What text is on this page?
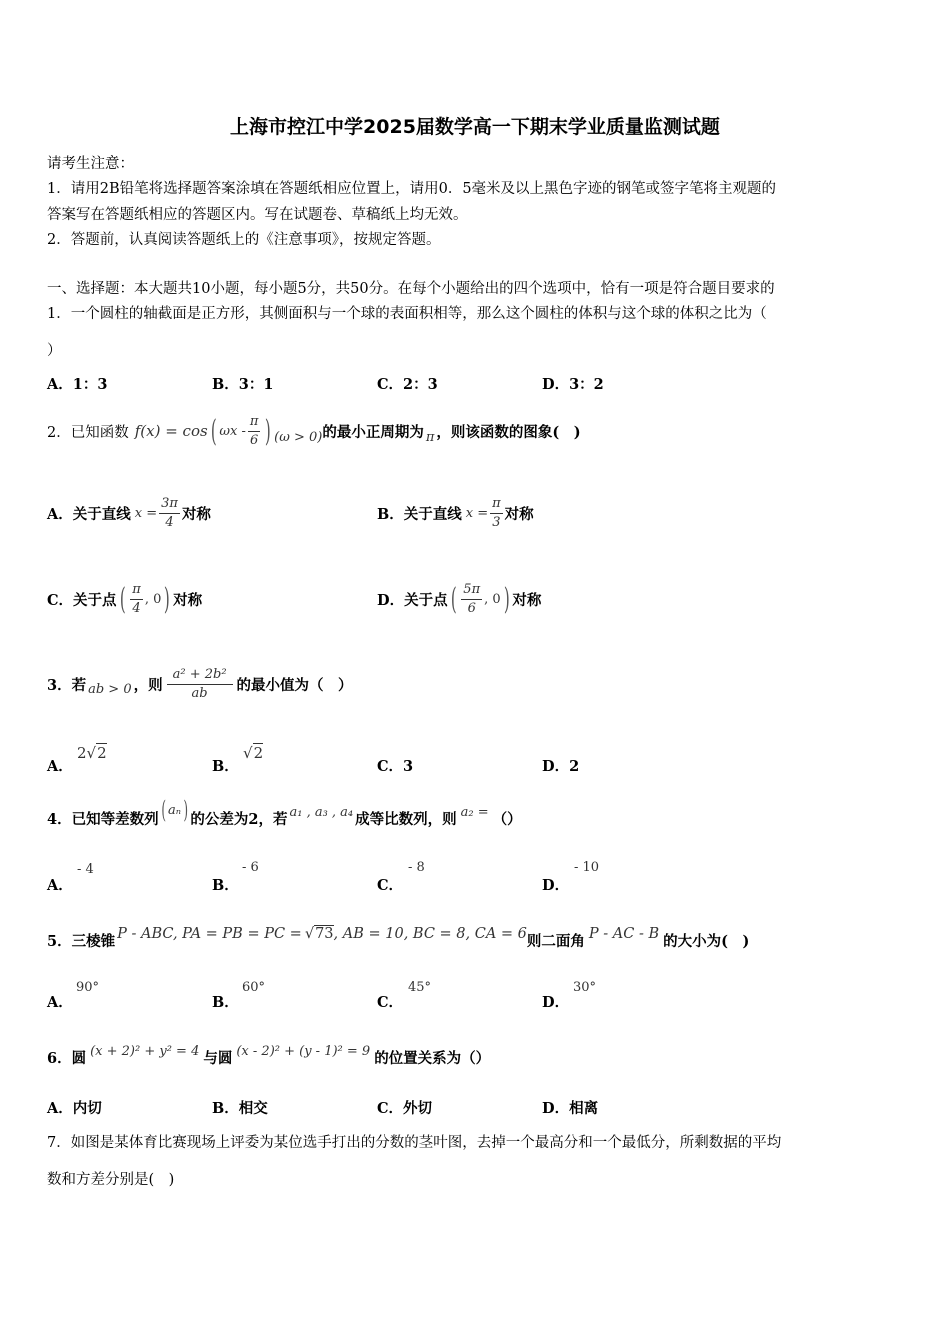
上海市控江中学2025届数学高一下期末学业质量监测试题
请考生注意：
1．请用2B铅笔将选择题答案涂填在答题纸相应位置上，请用0．5毫米及以上黑色字迹的钢笔或签字笔将主观题的
答案写在答题纸相应的答题区内。写在试题卷、草稿纸上均无效。
2．答题前，认真阅读答题纸上的《注意事项》，按规定答题。
一、选择题：本大题共10小题，每小题5分，共50分。在每个小题给出的四个选项中，恰有一项是符合题目要求的
1．一个圆柱的轴截面是正方形，其侧面积与一个球的表面积相等，那么这个圆柱的体积与这个球的体积之比为（
）
A．1：3	B．3：1	C．2：3	D．3：2
2．已知函数 f(x) = cos ( ωx - $\frac{\pi}{6}$ ) (ω > 0) 的最小正周期为 π ，则该函数的图象(　)
A．关于直线 $x = \frac{3\pi}{4}$ 对称	B．关于直线 $x = \frac{\pi}{3}$ 对称
C．关于点 ( $\frac{\pi}{4}$ , 0 ) 对称	D．关于点 ( $\frac{5\pi}{6}$ , 0 ) 对称
3．若 ab > 0 ，则 $\frac{\text{a² + 2b²}}{ab}$ 的最小值为（　）
A．
2√2
B．
√2
C．3	D．2
4．已知等差数列 ( aₙ ) 的公差为2，若 a₁ , a₃ , a₄ 成等比数列，则 a₂ = （）
A．
- 4
B．
- 6
C．
- 8
D．
- 10
5．三棱锥 P - ABC, PA = PB = PC = √73 , AB = 10, BC = 8, CA = 6 则二面角 P - AC - B 的大小为(　)
A．
90°
B．
60°
C．
45°
D．
30°
6．圆 (x + 2)² + y² = 4 与圆 (x - 2)² + (y - 1)² = 9 的位置关系为（）
A．内切	B．相交	C．外切	D．相离
7．如图是某体育比赛现场上评委为某位选手打出的分数的茎叶图，去掉一个最高分和一个最低分，所剩数据的平均
数和方差分别是(　)
